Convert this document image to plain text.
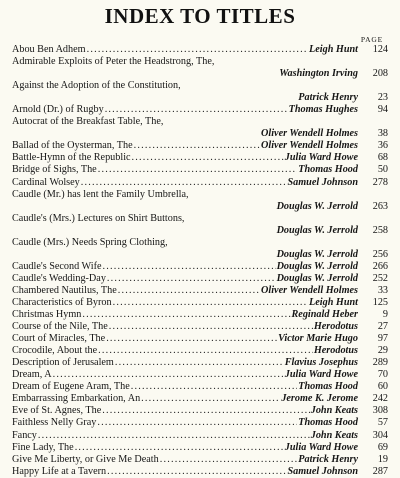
INDEX TO TITLES
PAGE
Abou Ben Adhem .....	Leigh Hunt	124
Admirable Exploits of Peter the Headstrong, The,
Washington Irving	208
Against the Adoption of the Constitution,
Patrick Henry	23
Arnold (Dr.) of Rugby .....	Thomas Hughes	94
Autocrat of the Breakfast Table, The,
Oliver Wendell Holmes	38
Ballad of the Oysterman, The .....	Oliver Wendell Holmes	36
Battle-Hymn of the Republic .....	Julia Ward Howe	68
Bridge of Sighs, The .....	Thomas Hood	50
Cardinal Wolsey .....	Samuel Johnson	278
Caudle (Mr.) has lent the Family Umbrella,
Douglas W. Jerrold	263
Caudle's (Mrs.) Lectures on Shirt Buttons,
Douglas W. Jerrold	258
Caudle (Mrs.) Needs Spring Clothing,
Douglas W. Jerrold	256
Caudle's Second Wife .....	Douglas W. Jerrold	266
Caudle's Wedding-Day .....	Douglas W. Jerrold	252
Chambered Nautilus, The .....	Oliver Wendell Holmes	33
Characteristics of Byron .....	Leigh Hunt	125
Christmas Hymn .....	Reginald Heber	9
Course of the Nile, The .....	Herodotus	27
Court of Miracles, The .....	Victor Marie Hugo	97
Crocodile, About the .....	Herodotus	29
Description of Jerusalem .....	Flavius Josephus	289
Dream, A .....	Julia Ward Howe	70
Dream of Eugene Aram, The .....	Thomas Hood	60
Embarrassing Embarkation, An .....	Jerome K. Jerome	242
Eve of St. Agnes, The .....	John Keats	308
Faithless Nelly Gray .....	Thomas Hood	57
Fancy .....	John Keats	304
Fine Lady, The .....	Julia Ward Howe	69
Give Me Liberty, or Give Me Death .....	Patrick Henry	19
Happy Life at a Tavern .....	Samuel Johnson	287
